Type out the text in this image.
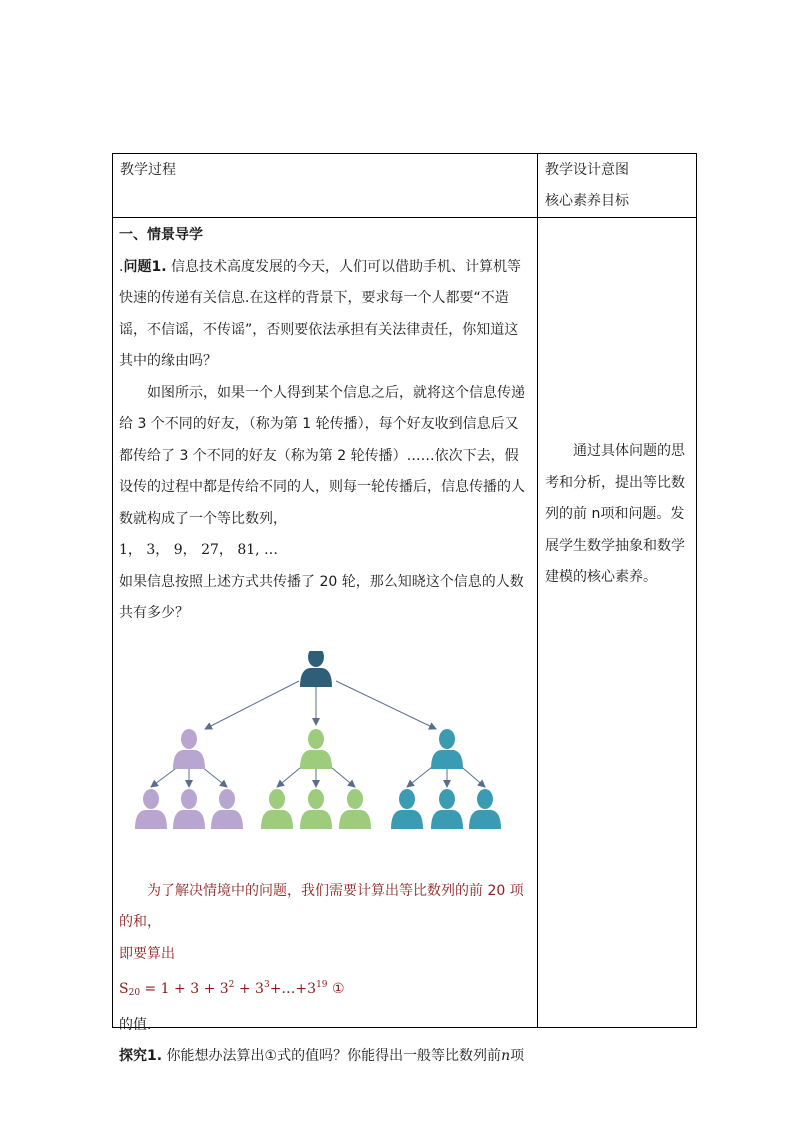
教学过程	教学设计意图
核心素养目标

一、情景导学

.问题1. 信息技术高度发展的今天，人们可以借助手机、计算机等快速的传递有关信息.在这样的背景下，要求每一个人都要“不造谣，不信谣，不传谣”，否则要依法承担有关法律责任，你知道这其中的缘由吗？

如图所示，如果一个人得到某个信息之后，就将这个信息传递给 3 个不同的好友，（称为第 1 轮传播），每个好友收到信息后又都传给了 3 个不同的好友（称为第 2 轮传播）……依次下去，假设传的过程中都是传给不同的人，则每一轮传播后，信息传播的人数就构成了一个等比数列，

1， 3， 9， 27， 81, …

如果信息按照上述方式共传播了 20 轮，那么知晓这个信息的人数共有多少？

为了解决情境中的问题，我们需要计算出等比数列的前 20 项的和，

即要算出

$S_{20} = 1 + 3 + 3^2$ + $3^3+\dots+3^{19}$ ①

的值.

探究1. 你能想办法算出①式的值吗？你能得出一般等比数列前n项

通过具体问题的思考和分析，提出等比数列的前 n项和问题。发展学生数学抽象和数学建模的核心素养。
